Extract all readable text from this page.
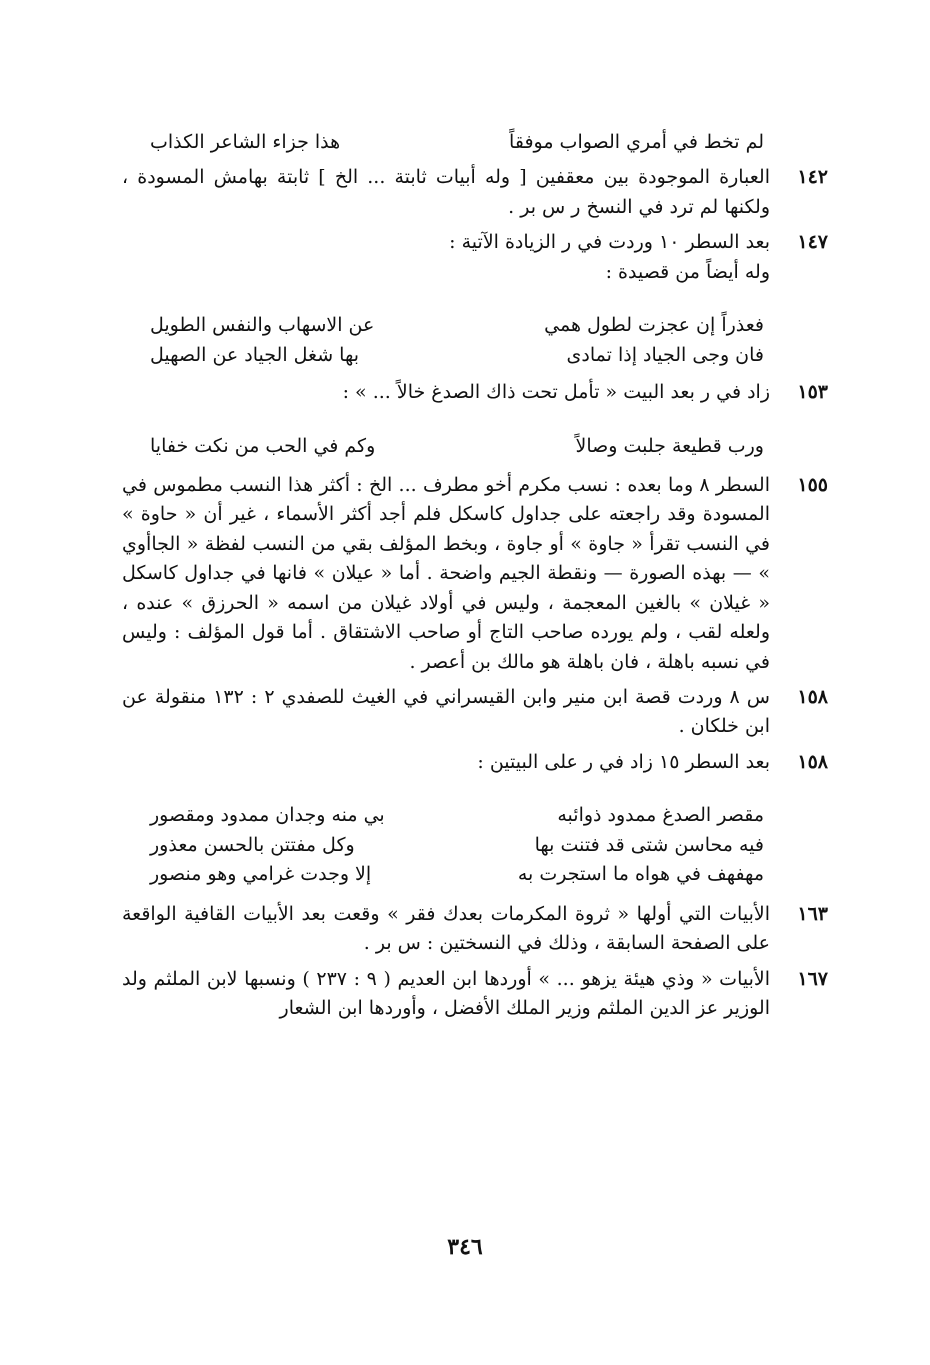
لم تخط في أمري الصواب موفقاً
هذا جزاء الشاعر الكذاب
١٤٢
العبارة الموجودة بين معقفين [ وله أبيات ثابتة ... الخ ] ثابتة بهامش المسودة ، ولكنها لم ترد في النسخ ر س بر .
١٤٧
بعد السطر ١٠ وردت في ر الزيادة الآتية :
وله أيضاً من قصيدة :
فعذراً إن عجزت لطول همي
عن الاسهاب والنفس الطويل
فان وجى الجياد إذا تمادى
بها شغل الجياد عن الصهيل
١٥٣
زاد في ر بعد البيت « تأمل تحت ذاك الصدغ خالاً ... » :
ورب قطيعة جلبت وصالاً
وكم في الحب من نكت خفايا
١٥٥
السطر ٨ وما بعده : نسب مكرم أخو مطرف ... الخ : أكثر هذا النسب مطموس في المسودة وقد راجعته على جداول كاسكل فلم أجد أكثر الأسماء ، غير أن « حاوة » في النسب تقرأ « جاوة » أو جاوة ، وبخط المؤلف بقي من النسب لفظة « الجاأوي » — بهذه الصورة — ونقطة الجيم واضحة . أما « عيلان » فانها في جداول كاسكل « غيلان » بالغين المعجمة ، وليس في أولاد غيلان من اسمه « الحرزق » عنده ، ولعله لقب ، ولم يورده صاحب التاج أو صاحب الاشتقاق . أما قول المؤلف : وليس في نسبه باهلة ، فان باهلة هو مالك بن أعصر .
١٥٨
س ٨ وردت قصة ابن منير وابن القيسراني في الغيث للصفدي ٢ : ١٣٢ منقولة عن ابن خلكان .
١٥٨
بعد السطر ١٥ زاد في ر على البيتين :
مقصر الصدغ ممدود ذوائبه
بي منه وجدان ممدود ومقصور
فيه محاسن شتى قد فتنت بها
وكل مفتتن بالحسن معذور
مهفهف في هواه ما استجرت به
إلا وجدت غرامي وهو منصور
١٦٣
الأبيات التي أولها « ثروة المكرمات بعدك فقر » وقعت بعد الأبيات القافية الواقعة على الصفحة السابقة ، وذلك في النسختين : س بر .
١٦٧
الأبيات « وذي هيئة يزهو ... » أوردها ابن العديم ( ٩ : ٢٣٧ ) ونسبها لابن الملثم ولد الوزير عز الدين الملثم وزير الملك الأفضل ، وأوردها ابن الشعار
٣٤٦
